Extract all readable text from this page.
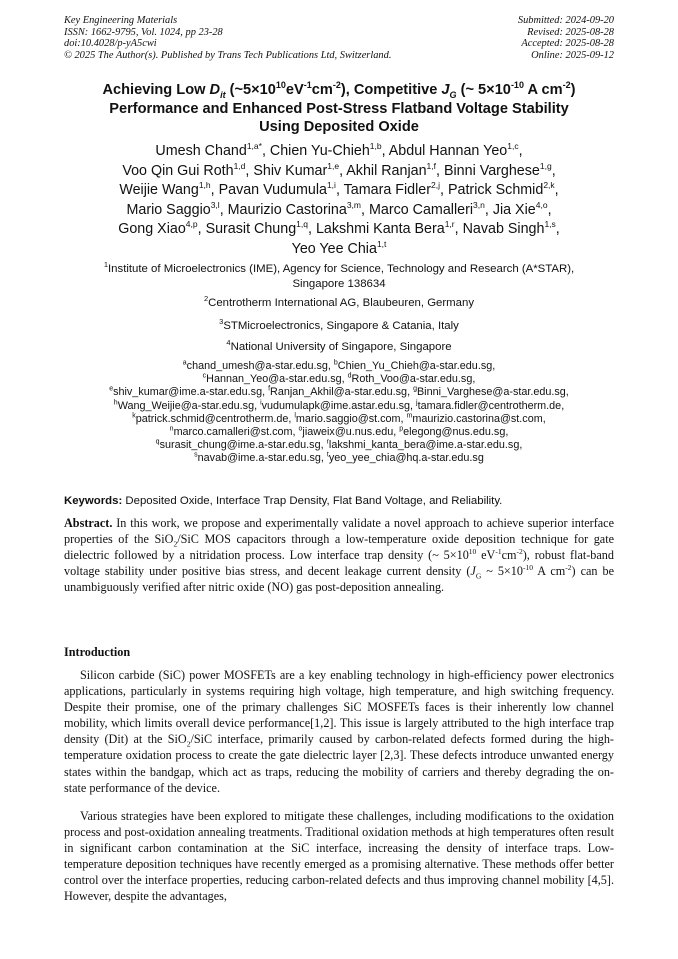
Key Engineering Materials
ISSN: 1662-9795, Vol. 1024, pp 23-28
doi:10.4028/p-yA5cwi
© 2025 The Author(s). Published by Trans Tech Publications Ltd, Switzerland.
Submitted: 2024-09-20
Revised: 2025-08-28
Accepted: 2025-08-28
Online: 2025-09-12
Achieving Low $D_{it}$ $(\sim 5\times 10^{10}eV^{-1}cm^{-2})$, Competitive $J_G$ (~ $5\times 10^{-10}$ A $cm^{-2}$)
Performance and Enhanced Post-Stress Flatband Voltage Stability
Using Deposited Oxide
Umesh Chand$^{1,a*}$, Chien Yu-Chieh$^{1,b}$, Abdul Hannan Yeo$^{1,c}$,
Voo Qin Gui Roth$^{1,d}$, Shiv Kumar$^{1,e}$, Akhil Ranjan$^{1,f}$, Binni Varghese$^{1,g}$,
Weijie Wang$^{1,h}$, Pavan Vudumula$^{1,i}$, Tamara Fidler$^{2,j}$, Patrick Schmid$^{2,k}$,
Mario Saggio$^{3,l}$, Maurizio Castorina$^{3,m}$, Marco Camalleri$^{3,n}$, Jia Xie$^{4,o}$,
Gong Xiao$^{4,p}$, Surasit Chung$^{1,q}$, Lakshmi Kanta Bera$^{1,r}$, Navab Singh$^{1,s}$,
Yeo Yee Chia$^{1,t}$
$^1$Institute of Microelectronics (IME), Agency for Science, Technology and Research (A*STAR),
Singapore 138634
$^2$Centrotherm International AG, Blaubeuren, Germany
$^3$STMicroelectronics, Singapore & Catania, Italy
$^4$National University of Singapore, Singapore
$^a$chand_umesh@a-star.edu.sg, $^b$Chien_Yu_Chieh@a-star.edu.sg,
$^c$Hannan_Yeo@a-star.edu.sg, $^d$Roth_Voo@a-star.edu.sg,
$^e$shiv_kumar@ime.a-star.edu.sg, $^f$Ranjan_Akhil@a-star.edu.sg, $^g$Binni_Varghese@a-star.edu.sg,
$^h$Wang_Weijie@a-star.edu.sg, $^i$vudumulapk@ime.astar.edu.sg, $^j$tamara.fidler@centrotherm.de,
$^k$patrick.schmid@centrotherm.de, $^l$mario.saggio@st.com, $^m$maurizio.castorina@st.com,
$^n$marco.camalleri@st.com, $^o$jiaweix@u.nus.edu, $^p$elegong@nus.edu.sg,
$^q$surasit_chung@ime.a-star.edu.sg, $^r$lakshmi_kanta_bera@ime.a-star.edu.sg,
$^s$navab@ime.a-star.edu.sg, $^t$yeo_yee_chia@hq.a-star.edu.sg
Keywords: Deposited Oxide, Interface Trap Density, Flat Band Voltage, and Reliability.
Abstract. In this work, we propose and experimentally validate a novel approach to achieve superior interface properties of the SiO$_2$/SiC MOS capacitors through a low-temperature oxide deposition technique for gate dielectric followed by a nitridation process. Low interface trap density (~ $5\times 10^{10}$ $eV^{-1}cm^{-2}$), robust flat-band voltage stability under positive bias stress, and decent leakage current density ($J_G$ ~ $5\times 10^{-10}$ A $cm^{-2}$) can be unambiguously verified after nitric oxide (NO) gas post-deposition annealing.
Introduction
Silicon carbide (SiC) power MOSFETs are a key enabling technology in high-efficiency power electronics applications, particularly in systems requiring high voltage, high temperature, and high switching frequency. Despite their promise, one of the primary challenges SiC MOSFETs faces is their inherently low channel mobility, which limits overall device performance[1,2]. This issue is largely attributed to the high interface trap density (Dit) at the SiO$_2$/SiC interface, primarily caused by carbon-related defects formed during the high-temperature oxidation process to create the gate dielectric layer [2,3]. These defects introduce unwanted energy states within the bandgap, which act as traps, reducing the mobility of carriers and thereby degrading the on-state performance of the device.
Various strategies have been explored to mitigate these challenges, including modifications to the oxidation process and post-oxidation annealing treatments. Traditional oxidation methods at high temperatures often result in significant carbon contamination at the SiC interface, increasing the density of interface traps. Low-temperature deposition techniques have recently emerged as a promising alternative. These methods offer better control over the interface properties, reducing carbon-related defects and thus improving channel mobility [4,5]. However, despite the advantages,
